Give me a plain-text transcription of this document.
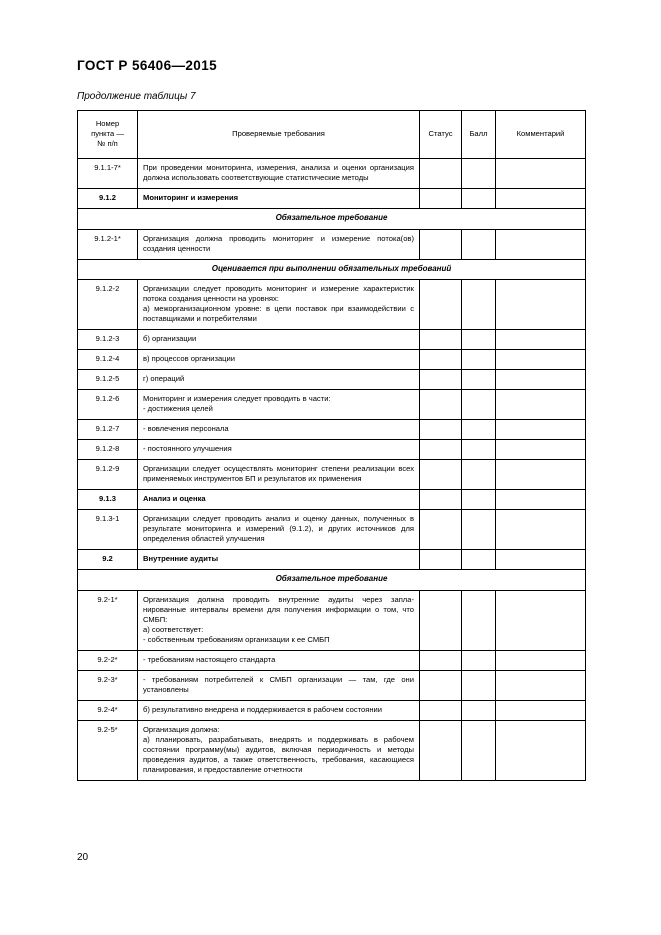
ГОСТ Р 56406—2015
Продолжение таблицы 7
Номер
пункта —
№ п/п	Проверяемые требования	Статус	Балл	Комментарий
9.1.1-7*	При проведении мониторинга, измерения, анализа и оценки организация должна использовать соответствующие статистические методы			
9.1.2	Мониторинг и измерения			
Обязательное требование				
9.1.2-1*	Организация должна проводить мониторинг и измерение потока(ов) создания ценности			
Оценивается при выполнении обязательных требований				
9.1.2-2	Организации следует проводить мониторинг и измерение характеристик потока создания ценности на уровнях:
а) межорганизационном уровне: в цепи поставок при взаимодействии с поставщиками и потребителями			
9.1.2-3	б) организации			
9.1.2-4	в) процессов организации			
9.1.2-5	г) операций			
9.1.2-6	Мониторинг и измерения следует проводить в части:
- достижения целей			
9.1.2-7	- вовлечения персонала			
9.1.2-8	- постоянного улучшения			
9.1.2-9	Организации следует осуществлять мониторинг степени реализации всех применяемых инструментов БП и результатов их применения			
9.1.3	Анализ и оценка			
9.1.3-1	Организации следует проводить анализ и оценку данных, полученных в результате мониторинга и измерений (9.1.2), и других источников для определения областей улучшения			
9.2	Внутренние аудиты			
Обязательное требование				
9.2-1*	Организация должна проводить внутренние аудиты через запланированные интервалы времени для получения информации о том, что СМБП:
а) соответствует:
- собственным требованиям организации к ее СМБП			
9.2-2*	- требованиям настоящего стандарта			
9.2-3*	- требованиям потребителей к СМБП организации — там, где они установлены			
9.2-4*	б) результативно внедрена и поддерживается в рабочем состоянии			
9.2-5*	Организация должна:
а) планировать, разрабатывать, внедрять и поддерживать в рабочем состоянии программу(мы) аудитов, включая периодичность и методы проведения аудитов, а также ответственность, требования, касающиеся планирования, и предоставление отчетности			
20
